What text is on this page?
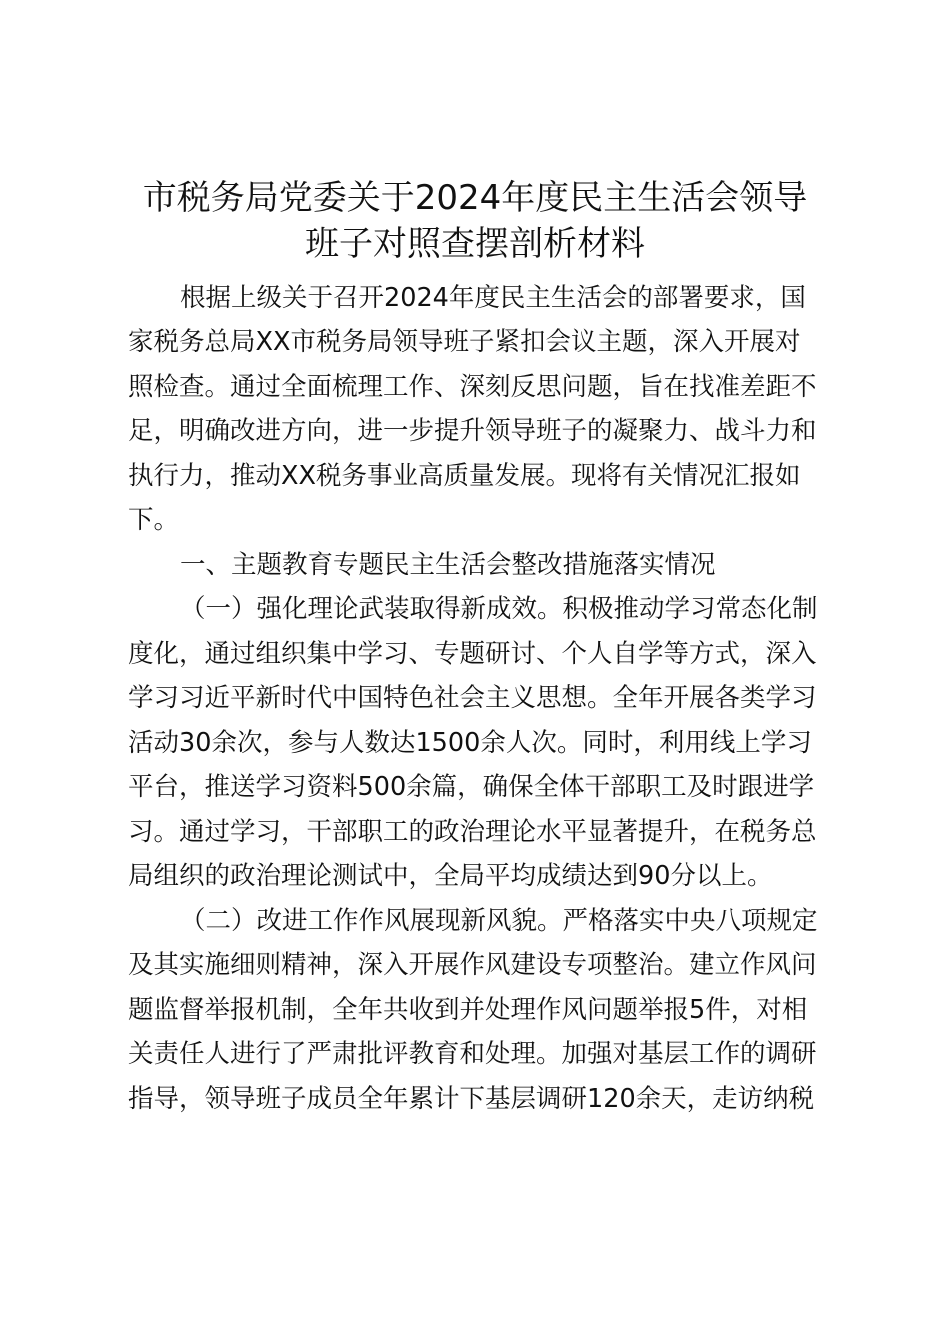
市税务局党委关于2024年度民主生活会领导
班子对照查摆剖析材料
根据上级关于召开2024年度民主生活会的部署要求，国
家税务总局XX市税务局领导班子紧扣会议主题，深入开展对
照检查。通过全面梳理工作、深刻反思问题，旨在找准差距不
足，明确改进方向，进一步提升领导班子的凝聚力、战斗力和
执行力，推动XX税务事业高质量发展。现将有关情况汇报如
下。
一、主题教育专题民主生活会整改措施落实情况
（一）强化理论武装取得新成效。积极推动学习常态化制
度化，通过组织集中学习、专题研讨、个人自学等方式，深入
学习习近平新时代中国特色社会主义思想。全年开展各类学习
活动30余次，参与人数达1500余人次。同时，利用线上学习
平台，推送学习资料500余篇，确保全体干部职工及时跟进学
习。通过学习，干部职工的政治理论水平显著提升，在税务总
局组织的政治理论测试中，全局平均成绩达到90分以上。
（二）改进工作作风展现新风貌。严格落实中央八项规定
及其实施细则精神，深入开展作风建设专项整治。建立作风问
题监督举报机制，全年共收到并处理作风问题举报5件，对相
关责任人进行了严肃批评教育和处理。加强对基层工作的调研
指导，领导班子成员全年累计下基层调研120余天，走访纳税
